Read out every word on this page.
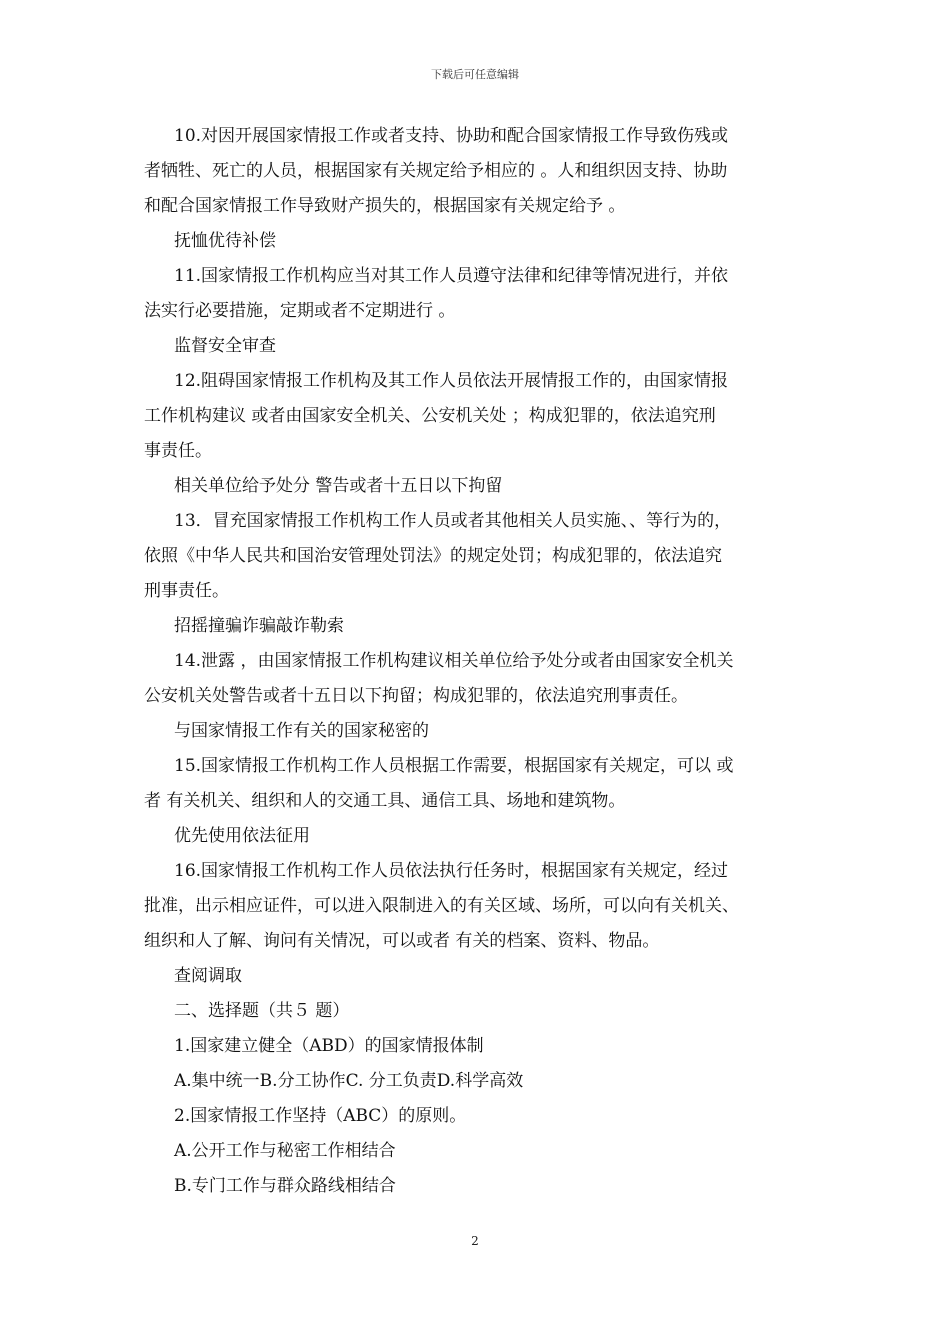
下载后可任意编辑
10.对因开展国家情报工作或者支持、协助和配合国家情报工作导致伤残或
者牺牲、死亡的人员，根据国家有关规定给予相应的 。人和组织因支持、协助
和配合国家情报工作导致财产损失的，根据国家有关规定给予 。
抚恤优待补偿
11.国家情报工作机构应当对其工作人员遵守法律和纪律等情况进行，并依
法实行必要措施，定期或者不定期进行 。
监督安全审查
12.阻碍国家情报工作机构及其工作人员依法开展情报工作的，由国家情报
工作机构建议 或者由国家安全机关、公安机关处 ；构成犯罪的，依法追究刑
事责任。
相关单位给予处分 警告或者十五日以下拘留
13．冒充国家情报工作机构工作人员或者其他相关人员实施、、等行为的，
依照《中华人民共和国治安管理处罚法》的规定处罚；构成犯罪的，依法追究
刑事责任。
招摇撞骗诈骗敲诈勒索
14.泄露 ，由国家情报工作机构建议相关单位给予处分或者由国家安全机关
公安机关处警告或者十五日以下拘留；构成犯罪的，依法追究刑事责任。
与国家情报工作有关的国家秘密的
15.国家情报工作机构工作人员根据工作需要，根据国家有关规定，可以 或
者 有关机关、组织和人的交通工具、通信工具、场地和建筑物。
优先使用依法征用
16.国家情报工作机构工作人员依法执行任务时，根据国家有关规定，经过
批准，出示相应证件，可以进入限制进入的有关区域、场所，可以向有关机关、
组织和人了解、询问有关情况，可以或者 有关的档案、资料、物品。
查阅调取
二、选择题（共５ 题）
1.国家建立健全（ABD）的国家情报体制
A.集中统一B.分工协作C. 分工负责D.科学高效
2.国家情报工作坚持（ABC）的原则。
A.公开工作与秘密工作相结合
B.专门工作与群众路线相结合
2
